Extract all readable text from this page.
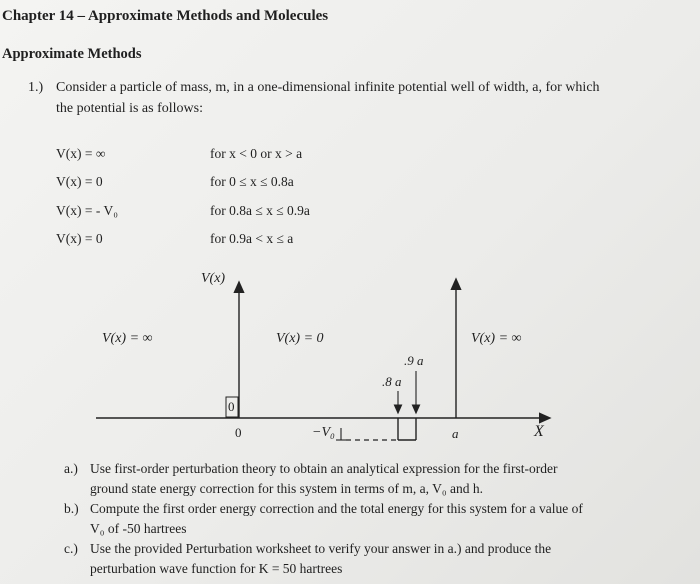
Chapter 14 – Approximate Methods and Molecules
Approximate Methods
1.) Consider a particle of mass, m, in a one-dimensional infinite potential well of width, a, for which
the potential is as follows:
V(x) = ∞	for x < 0 or x > a
V(x) = 0	for 0 ≤ x ≤ 0.8a
V(x) = - V₀	for 0.8a ≤ x ≤ 0.9a
V(x) = 0	for 0.9a < x ≤ a
V(x)
V(x) = ∞	V(x) = 0	V(x) = ∞
.9 a
.8 a
0
0	−V₀	a	X
a.) Use first-order perturbation theory to obtain an analytical expression for the first-order
ground state energy correction for this system in terms of m, a, V₀ and h.
b.) Compute the first order energy correction and the total energy for this system for a value of
V₀ of -50 hartrees
c.) Use the provided Perturbation worksheet to verify your answer in a.) and produce the
perturbation wave function for K = 50 hartrees
